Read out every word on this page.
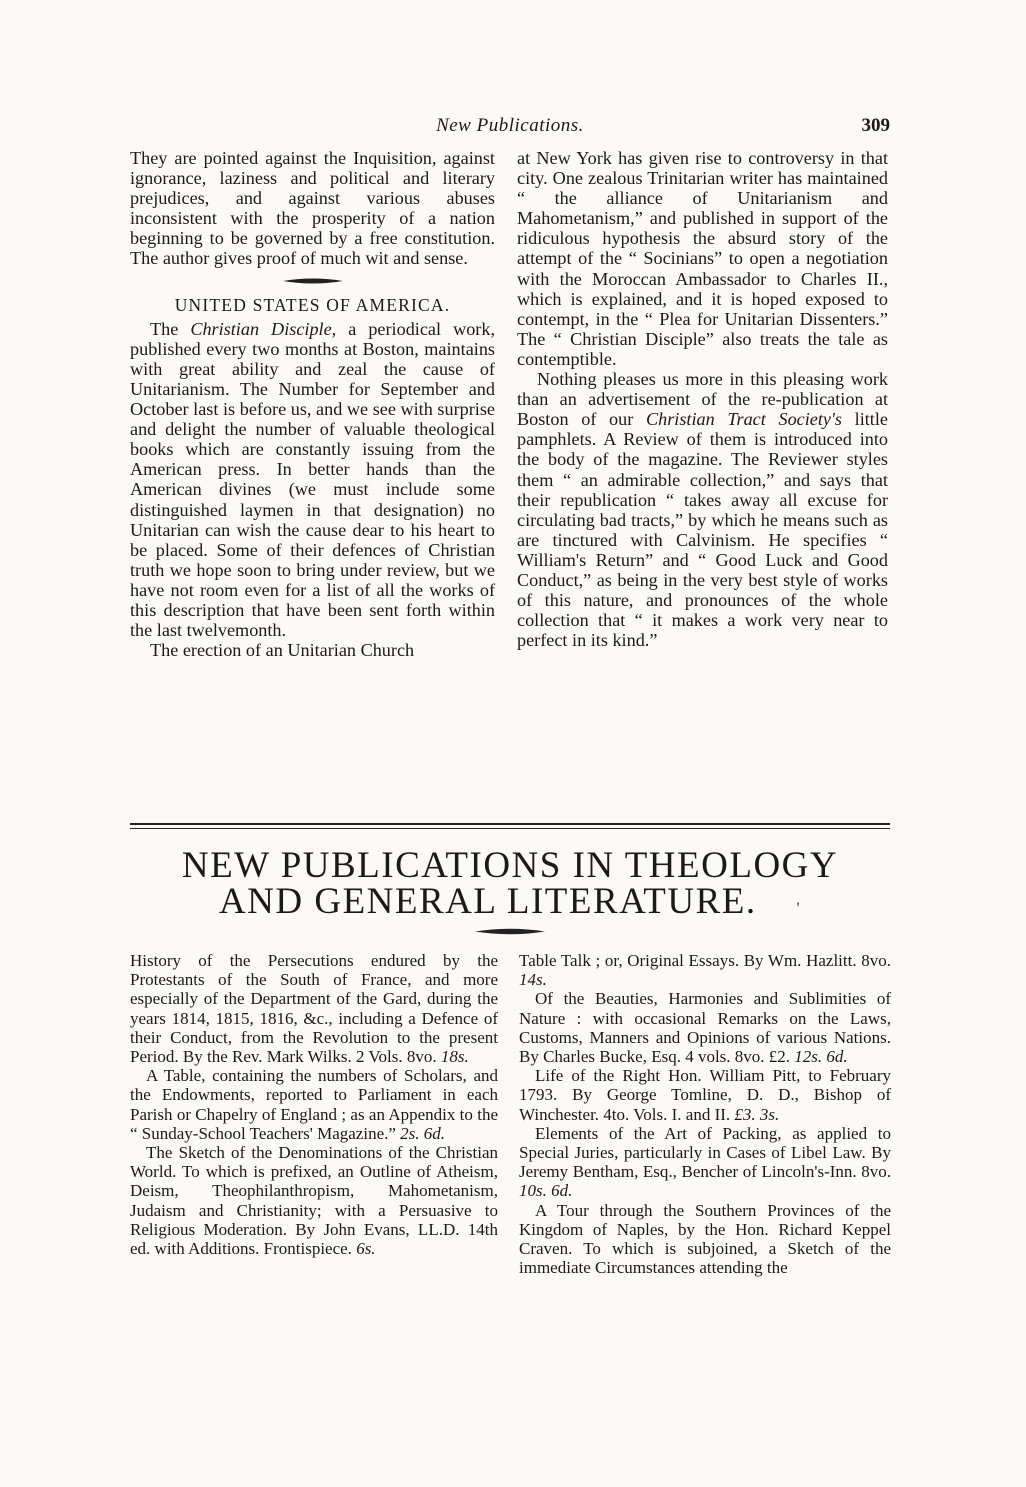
New Publications.	309

They are pointed against the Inquisition, against ignorance, laziness and political and literary prejudices, and against various abuses inconsistent with the prosperity of a nation beginning to be governed by a free constitution. The author gives proof of much wit and sense.

UNITED STATES OF AMERICA.

The Christian Disciple, a periodical work, published every two months at Boston, maintains with great ability and zeal the cause of Unitarianism. The Number for September and October last is before us, and we see with surprise and delight the number of valuable theological books which are constantly issuing from the American press. In better hands than the American divines (we must include some distinguished laymen in that designation) no Unitarian can wish the cause dear to his heart to be placed. Some of their defences of Christian truth we hope soon to bring under review, but we have not room even for a list of all the works of this description that have been sent forth within the last twelvemonth.

The erection of an Unitarian Church

at New York has given rise to controversy in that city. One zealous Trinitarian writer has maintained “ the alliance of Unitarianism and Mahometanism,” and published in support of the ridiculous hypothesis the absurd story of the attempt of the “ Socinians” to open a negotiation with the Moroccan Ambassador to Charles II., which is explained, and it is hoped exposed to contempt, in the “ Plea for Unitarian Dissenters.” The “ Christian Disciple” also treats the tale as contemptible.

Nothing pleases us more in this pleasing work than an advertisement of the re-publication at Boston of our Christian Tract Society's little pamphlets. A Review of them is introduced into the body of the magazine. The Reviewer styles them “ an admirable collection,” and says that their republication “ takes away all excuse for circulating bad tracts,” by which he means such as are tinctured with Calvinism. He specifies “ William's Return” and “ Good Luck and Good Conduct,” as being in the very best style of works of this nature, and pronounces of the whole collection that “ it makes a work very near to perfect in its kind.”

NEW PUBLICATIONS IN THEOLOGY
AND GENERAL LITERATURE.	'

History of the Persecutions endured by the Protestants of the South of France, and more especially of the Department of the Gard, during the years 1814, 1815, 1816, &c., including a Defence of their Conduct, from the Revolution to the present Period. By the Rev. Mark Wilks. 2 Vols. 8vo. 18s.

A Table, containing the numbers of Scholars, and the Endowments, reported to Parliament in each Parish or Chapelry of England ; as an Appendix to the “ Sunday-School Teachers' Magazine.” 2s. 6d.

The Sketch of the Denominations of the Christian World. To which is prefixed, an Outline of Atheism, Deism, Theophilanthropism, Mahometanism, Judaism and Christianity; with a Persuasive to Religious Moderation. By John Evans, LL.D. 14th ed. with Additions. Frontispiece. 6s.

Table Talk ; or, Original Essays. By Wm. Hazlitt. 8vo. 14s.

Of the Beauties, Harmonies and Sublimities of Nature : with occasional Remarks on the Laws, Customs, Manners and Opinions of various Nations. By Charles Bucke, Esq. 4 vols. 8vo. £2. 12s. 6d.

Life of the Right Hon. William Pitt, to February 1793. By George Tomline, D. D., Bishop of Winchester. 4to. Vols. I. and II. £3. 3s.

Elements of the Art of Packing, as applied to Special Juries, particularly in Cases of Libel Law. By Jeremy Bentham, Esq., Bencher of Lincoln's-Inn. 8vo. 10s. 6d.

A Tour through the Southern Provinces of the Kingdom of Naples, by the Hon. Richard Keppel Craven. To which is subjoined, a Sketch of the immediate Circumstances attending the
